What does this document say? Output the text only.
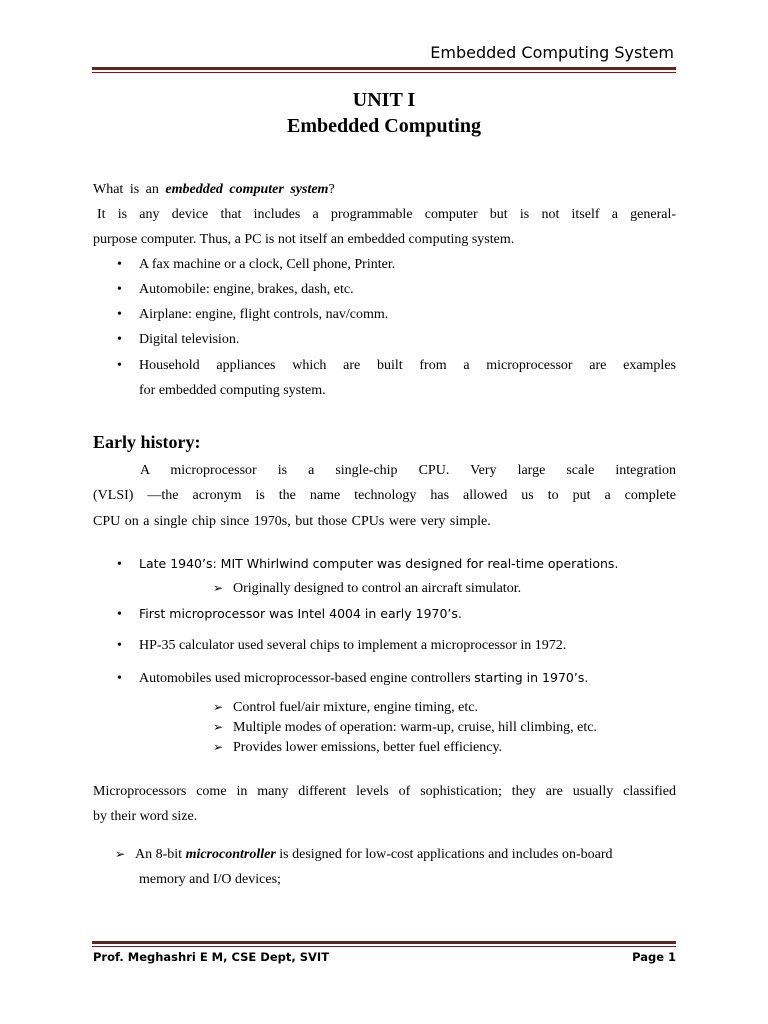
Embedded Computing System
UNIT I
Embedded Computing
What is an embedded computer system?
It is any device that includes a programmable computer but is not itself a general-
purpose computer. Thus, a PC is not itself an embedded computing system.
• A fax machine or a clock, Cell phone, Printer.
• Automobile: engine, brakes, dash, etc.
• Airplane: engine, flight controls, nav/comm.
• Digital television.
•	Household appliances which are built from a microprocessor are examples
for embedded computing system.
Early history:
A microprocessor is a single-chip CPU. Very large scale integration
(VLSI) —the acronym is the name technology has allowed us to put a complete
CPU on a single chip since 1970s, but those CPUs were very simple.
• Late 1940’s: MIT Whirlwind computer was designed for real-time operations.
➢ Originally designed to control an aircraft simulator.
• First microprocessor was Intel 4004 in early 1970’s.
• HP-35 calculator used several chips to implement a microprocessor in 1972.
• Automobiles used microprocessor-based engine controllers starting in 1970’s.
➢ Control fuel/air mixture, engine timing, etc.
➢ Multiple modes of operation: warm-up, cruise, hill climbing, etc.
➢ Provides lower emissions, better fuel efficiency.
Microprocessors come in many different levels of sophistication; they are usually classified
by their word size.
➢ An 8-bit microcontroller is designed for low-cost applications and includes on-board
memory and I/O devices;
Prof. Meghashri E M, CSE Dept, SVIT	Page 1
